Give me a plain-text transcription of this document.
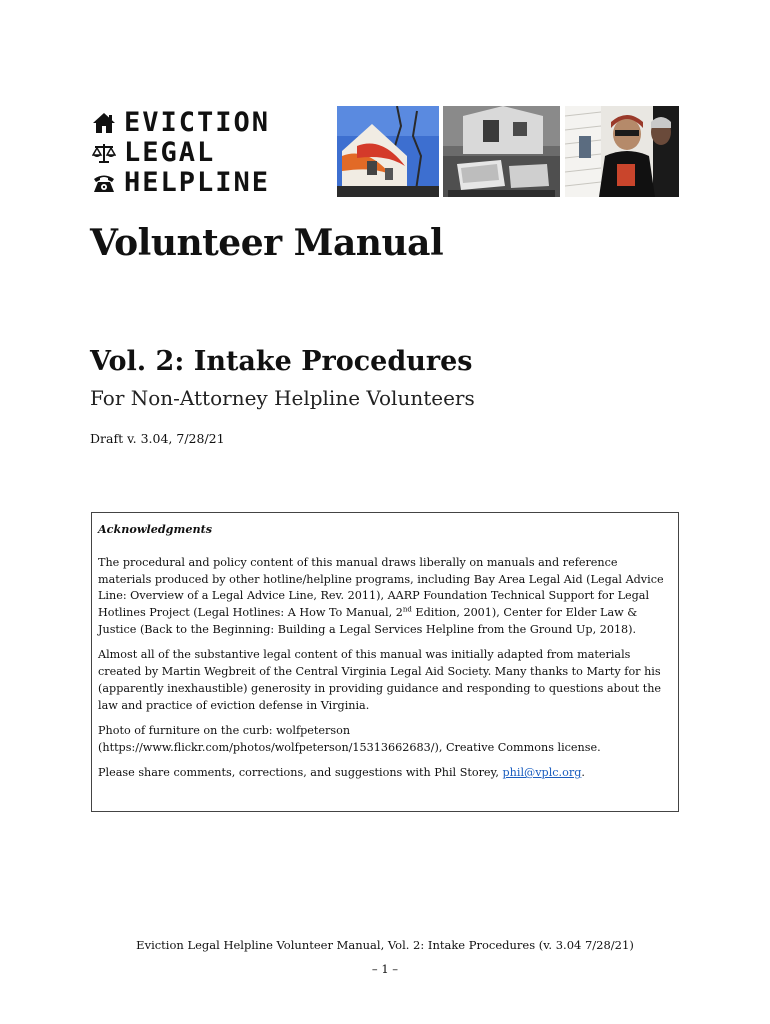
EVICTION
LEGAL
HELPLINE
Volunteer Manual
Vol. 2: Intake Procedures

For Non-Attorney Helpline Volunteers

Draft v. 3.04, 7/28/21

Acknowledgments

The procedural and policy content of this manual draws liberally on manuals and reference materials produced by other hotline/helpline programs, including Bay Area Legal Aid (Legal Advice Line: Overview of a Legal Advice Line, Rev. 2011), AARP Foundation Technical Support for Legal Hotlines Project (Legal Hotlines: A How To Manual, 2nd Edition, 2001), Center for Elder Law & Justice (Back to the Beginning: Building a Legal Services Helpline from the Ground Up, 2018).

Almost all of the substantive legal content of this manual was initially adapted from materials created by Martin Wegbreit of the Central Virginia Legal Aid Society. Many thanks to Marty for his (apparently inexhaustible) generosity in providing guidance and responding to questions about the law and practice of eviction defense in Virginia.

Photo of furniture on the curb: wolfpeterson
(https://www.flickr.com/photos/wolfpeterson/15313662683/), Creative Commons license.

Please share comments, corrections, and suggestions with Phil Storey, phil@vplc.org.

Eviction Legal Helpline Volunteer Manual, Vol. 2: Intake Procedures (v. 3.04 7/28/21)
– 1 –
